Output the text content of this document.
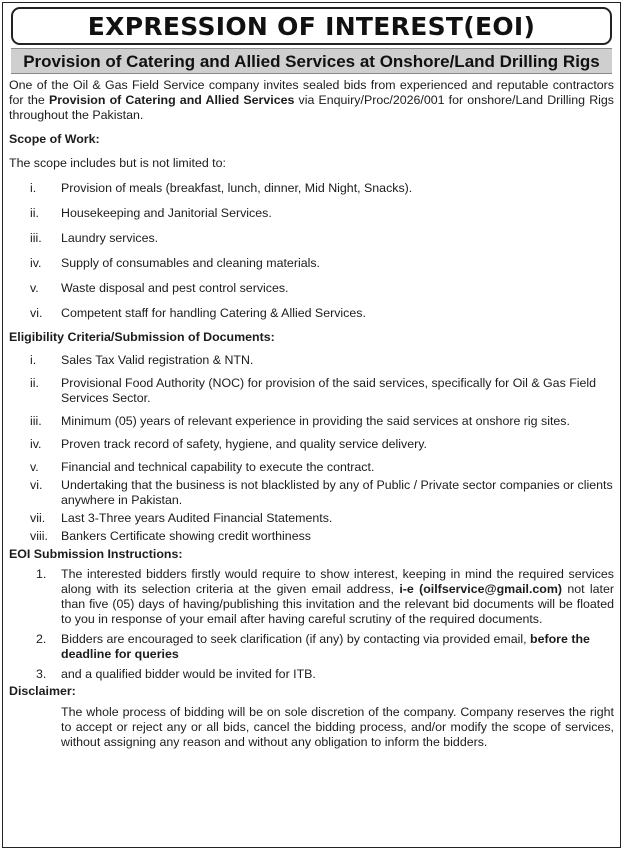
EXPRESSION OF INTEREST(EOI)
Provision of Catering and Allied Services at Onshore/Land Drilling Rigs

One of the Oil & Gas Field Service company invites sealed bids from experienced and reputable contractors for the Provision of Catering and Allied Services via Enquiry/Proc/2026/001 for onshore/Land Drilling Rigs throughout the Pakistan.

Scope of Work:

The scope includes but is not limited to:

i.	Provision of meals (breakfast, lunch, dinner, Mid Night, Snacks).
ii.	Housekeeping and Janitorial Services.
iii.	Laundry services.
iv.	Supply of consumables and cleaning materials.
v.	Waste disposal and pest control services.
vi.	Competent staff for handling Catering & Allied Services.

Eligibility Criteria/Submission of Documents:

i.	Sales Tax Valid registration & NTN.
ii.	Provisional Food Authority (NOC) for provision of the said services, specifically for Oil & Gas Field Services Sector.
iii.	Minimum (05) years of relevant experience in providing the said services at onshore rig sites.
iv.	Proven track record of safety, hygiene, and quality service delivery.
v.	Financial and technical capability to execute the contract.
vi.	Undertaking that the business is not blacklisted by any of Public / Private sector companies or clients anywhere in Pakistan.
vii.	Last 3-Three years Audited Financial Statements.
viii.	Bankers Certificate showing credit worthiness

EOI Submission Instructions:

1.	The interested bidders firstly would require to show interest, keeping in mind the required services along with its selection criteria at the given email address, i-e (oilfservice@gmail.com) not later than five (05) days of having/publishing this invitation and the relevant bid documents will be floated to you in response of your email after having careful scrutiny of the required documents.
2.	Bidders are encouraged to seek clarification (if any) by contacting via provided email, before the deadline for queries
3.	and a qualified bidder would be invited for ITB.

Disclaimer:

The whole process of bidding will be on sole discretion of the company. Company reserves the right to accept or reject any or all bids, cancel the bidding process, and/or modify the scope of services, without assigning any reason and without any obligation to inform the bidders.
